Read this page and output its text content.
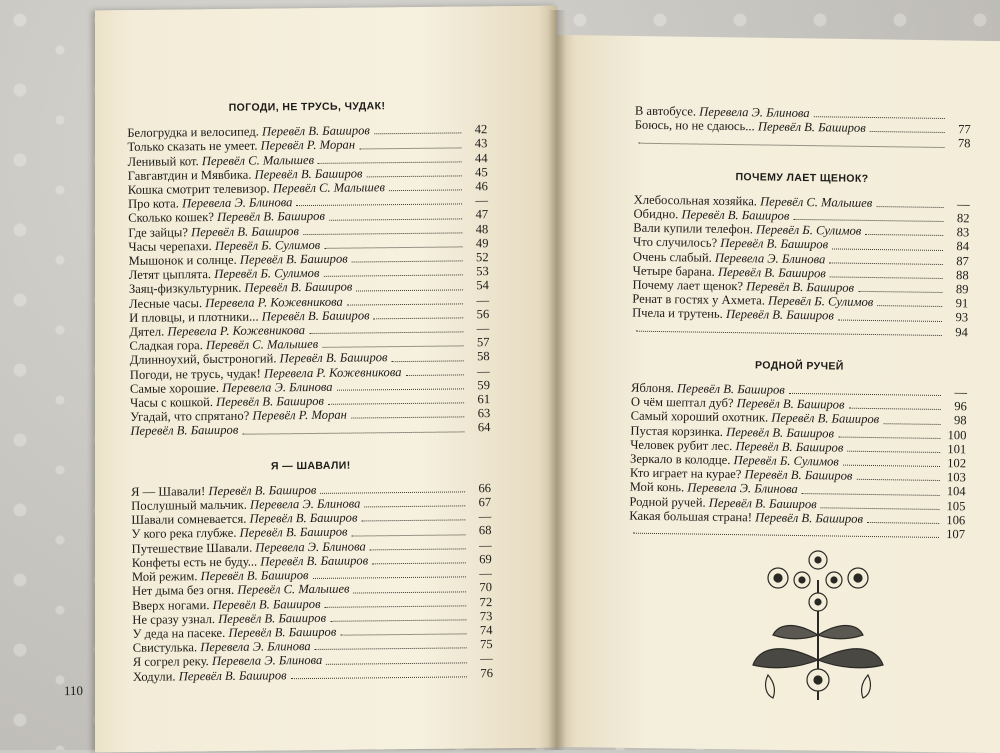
ПОГОДИ, НЕ ТРУСЬ, ЧУДАК!
Белогрудка и велосипед. Перевёл В. Баширов	42
Только сказать не умеет. Перевёл Р. Моран	43
Ленивый кот. Перевёл С. Малышев	44
Гавгавтдин и Мявбика. Перевёл В. Баширов	45
Кошка смотрит телевизор. Перевёл С. Малышев	46
Про кота. Перевела Э. Блинова	—
Сколько кошек? Перевёл В. Баширов	47
Где зайцы? Перевёл В. Баширов	48
Часы черепахи. Перевёл Б. Сулимов	49
Мышонок и солнце. Перевёл В. Баширов	52
Летят цыплята. Перевёл Б. Сулимов	53
Заяц-физкультурник. Перевёл В. Баширов	54
Лесные часы. Перевела Р. Кожевникова	—
И пловцы, и плотники... Перевёл В. Баширов	56
Дятел. Перевела Р. Кожевникова	—
Сладкая гора. Перевёл С. Малышев	57
Длинноухий, быстроногий. Перевёл В. Баширов	58
Погоди, не трусь, чудак! Перевела Р. Кожевникова	—
Самые хорошие. Перевела Э. Блинова	59
Часы с кошкой. Перевёл В. Баширов	61
Угадай, что спрятано? Перевёл Р. Моран	63
Перевёл В. Баширов	64
Я — ШАВАЛИ!
Я — Шавали! Перевёл В. Баширов	66
Послушный мальчик. Перевела Э. Блинова	67
Шавали сомневается. Перевёл В. Баширов	—
У кого река глубже. Перевёл В. Баширов	68
Путешествие Шавали. Перевела Э. Блинова	—
Конфеты есть не буду... Перевёл В. Баширов	69
Мой режим. Перевёл В. Баширов	—
Нет дыма без огня. Перевёл С. Малышев	70
Вверх ногами. Перевёл В. Баширов	72
Не сразу узнал. Перевёл В. Баширов	73
У деда на пасеке. Перевёл В. Баширов	74
Свистулька. Перевела Э. Блинова	75
Я согрел реку. Перевела Э. Блинова	—
Ходули. Перевёл В. Баширов	76
В автобусе. Перевела Э. Блинова
Боюсь, но не сдаюсь... Перевёл В. Баширов	77
78
ПОЧЕМУ ЛАЕТ ЩЕНОК?
Хлебосольная хозяйка. Перевёл С. Малышев	—
Обидно. Перевёл В. Баширов	82
Вали купили телефон. Перевёл Б. Сулимов	83
Что случилось? Перевёл В. Баширов	84
Очень слабый. Перевела Э. Блинова	87
Четыре барана. Перевёл В. Баширов	88
Почему лает щенок? Перевёл В. Баширов	89
Ренат в гостях у Ахмета. Перевёл Б. Сулимов	91
Пчела и трутень. Перевёл В. Баширов	93
94
РОДНОЙ РУЧЕЙ
Яблоня. Перевёл В. Баширов	—
О чём шептал дуб? Перевёл В. Баширов	96
Самый хороший охотник. Перевёл В. Баширов	98
Пустая корзинка. Перевёл В. Баширов	100
Человек рубит лес. Перевёл В. Баширов	101
Зеркало в колодце. Перевёл Б. Сулимов	102
Кто играет на курае? Перевёл В. Баширов	103
Мой конь. Перевела Э. Блинова	104
Родной ручей. Перевёл В. Баширов	105
Какая большая страна! Перевёл В. Баширов	106
107
110
